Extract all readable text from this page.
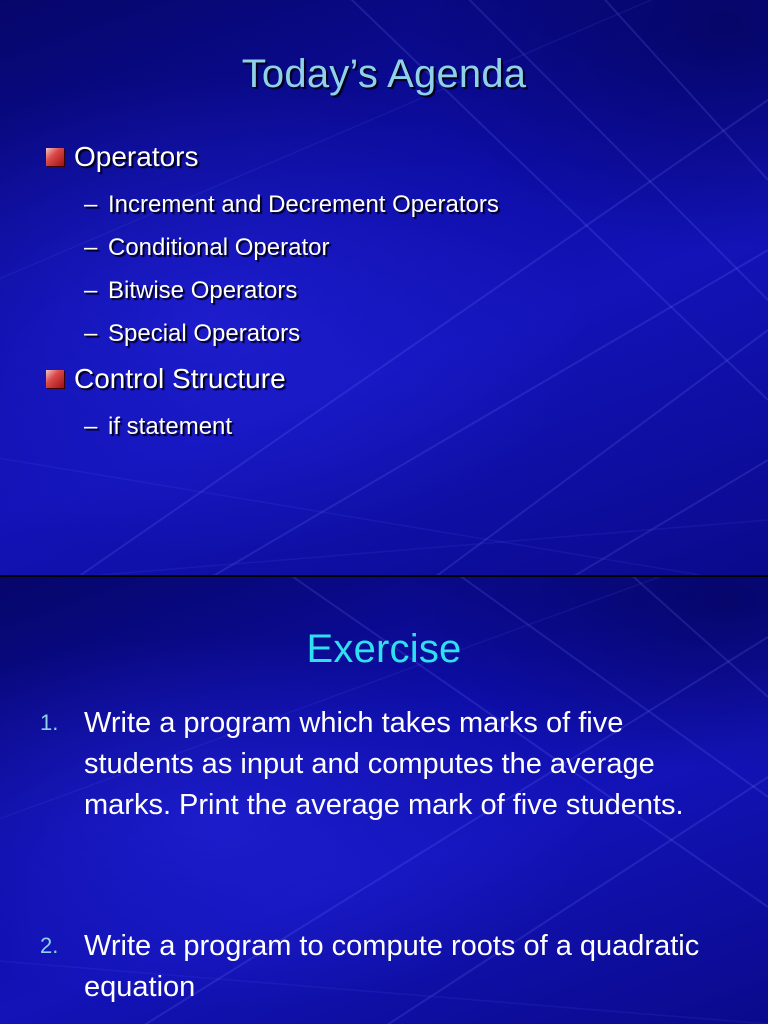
Today’s Agenda
Operators
– Increment and Decrement Operators
– Conditional Operator
– Bitwise Operators
– Special Operators
Control Structure
– if statement
Exercise
1. Write a program which takes marks of five students as input and computes the average marks. Print the average mark of five students.
2. Write a program to compute roots of a quadratic equation
